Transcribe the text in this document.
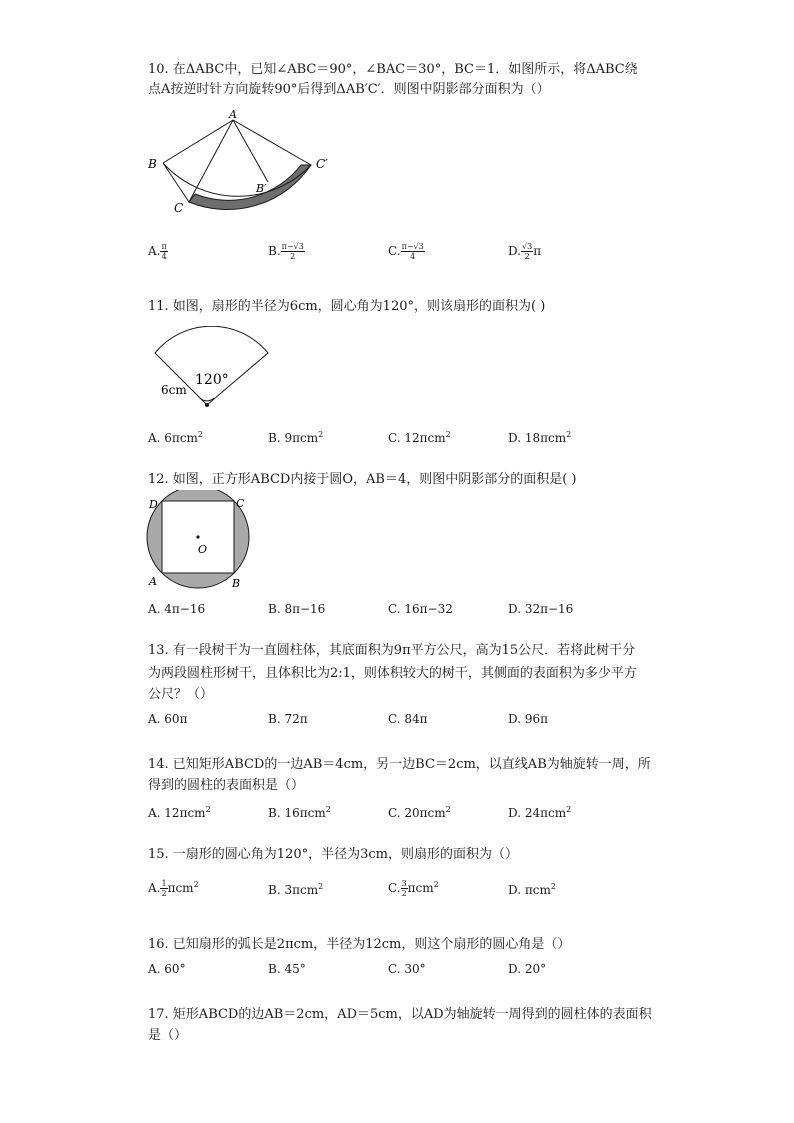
10. 在ΔABC中，已知∠ABC＝90°，∠BAC＝30°，BC＝1．如图所示，将ΔABC绕
点A按逆时针方向旋转90°后得到ΔAB′C′．则图中阴影部分面积为（）
A
B
C
B′
C′
A. $\frac{\pi}{4}$	B. $\frac{\pi-√3}{2}$	C. $\frac{\pi-√3}{4}$	D. $\frac{√3}{2}$ π
11. 如图，扇形的半径为6cm，圆心角为120°，则该扇形的面积为( )
120°
6cm
A. 6πcm$^2$	B. 9πcm$^2$	C. 12πcm$^2$	D. 18πcm$^2$
12. 如图，正方形ABCD内接于圆O，AB＝4，则图中阴影部分的面积是( )
O
D	C
A	B
A. 4π−16	B. 8π−16	C. 16π−32	D. 32π−16
13. 有一段树干为一直圆柱体，其底面积为9π平方公尺，高为15公尺．若将此树干分
为两段圆柱形树干，且体积比为2:1，则体积较大的树干，其侧面的表面积为多少平方
公尺？（）
A. 60π	B. 72π	C. 84π	D. 96π
14. 已知矩形ABCD的一边AB＝4cm，另一边BC＝2cm，以直线AB为轴旋转一周，所
得到的圆柱的表面积是（）
A. 12πcm$^2$	B. 16πcm$^2$	C. 20πcm$^2$	D. 24πcm$^2$
15. 一扇形的圆心角为120°，半径为3cm，则扇形的面积为（）
A. $\frac{1}{2} \pi cm^2$	B. 3πcm$^2$	C. $\frac{3}{2} \pi cm^2$	D. πcm$^2$
16. 已知扇形的弧长是2πcm，半径为12cm，则这个扇形的圆心角是（）
A. 60°	B. 45°	C. 30°	D. 20°
17. 矩形ABCD的边AB＝2cm，AD＝5cm，以AD为轴旋转一周得到的圆柱体的表面积
是（）
